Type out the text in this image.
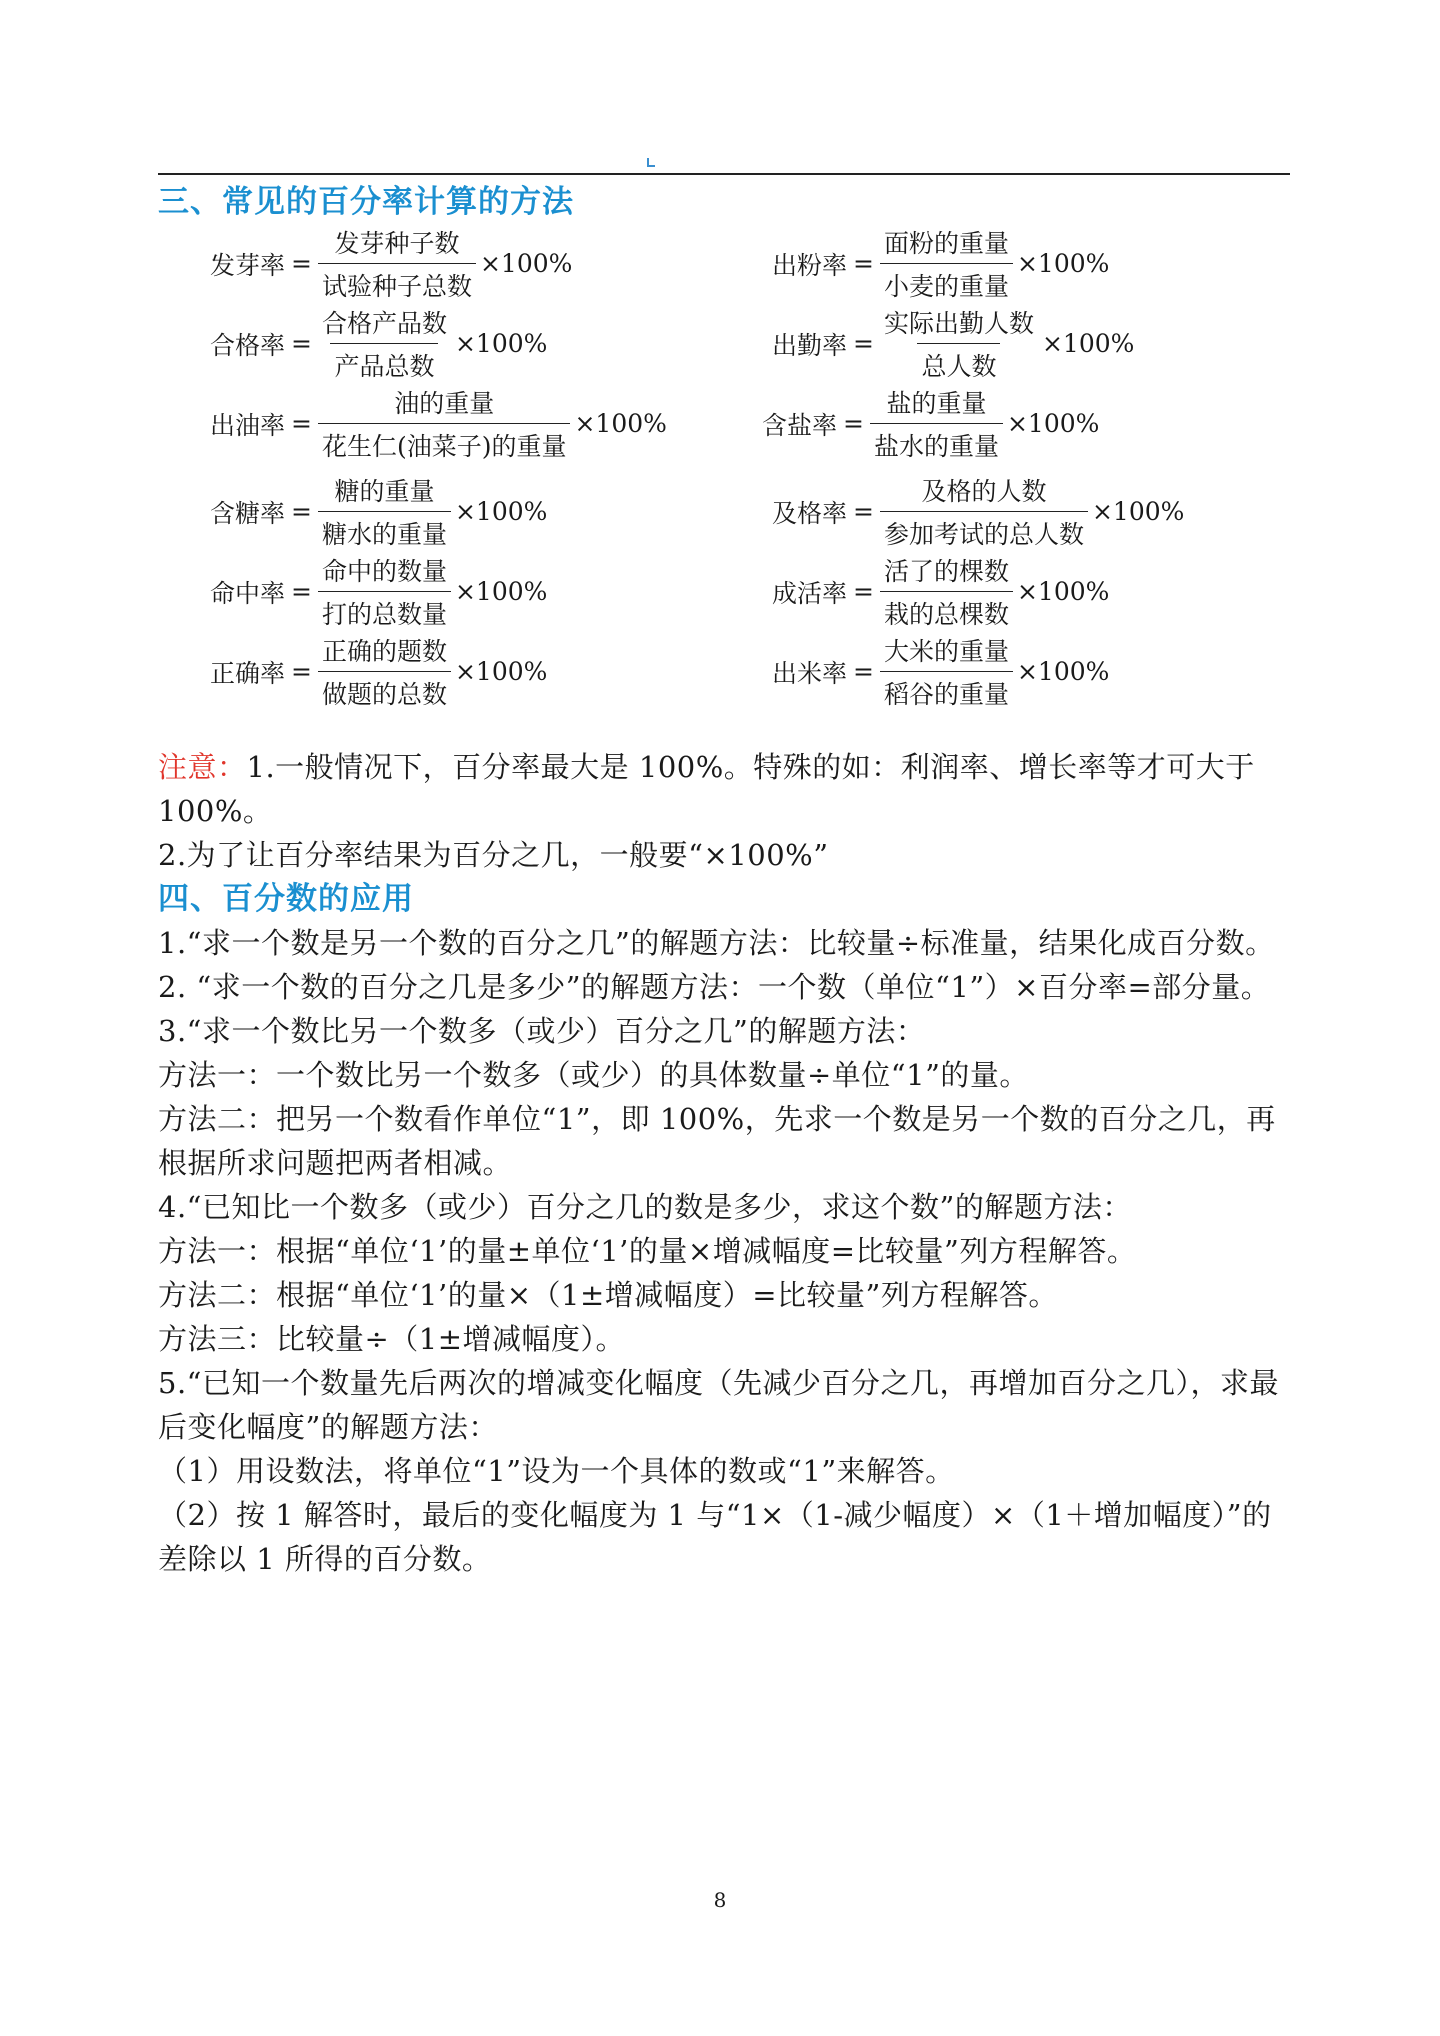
三、常见的百分率计算的方法
发芽率 = $\frac{\text{发芽种子数}}{\text{试验种子总数}} \times 100\%$	出粉率 = $\frac{\text{面粉的重量}}{\text{小麦的重量}} \times 100\%$
合格率 = $\frac{\text{合格产品数}}{\text{产品总数}} \times 100\%$	出勤率 = $\frac{\text{实际出勤人数}}{\text{总人数}} \times 100\%$
出油率 = $\frac{\text{油的重量}}{\text{花生仁(油菜子)的重量}} \times 100\%$	含盐率 = $\frac{\text{盐的重量}}{\text{盐水的重量}} \times 100\%$
含糖率 = $\frac{\text{糖的重量}}{\text{糖水的重量}} \times 100\%$	及格率 = $\frac{\text{及格的人数}}{\text{参加考试的总人数}} \times 100\%$
命中率 = $\frac{\text{命中的数量}}{\text{打的总数量}} \times 100\%$	成活率 = $\frac{\text{活了的棵数}}{\text{栽的总棵数}} \times 100\%$
正确率 = $\frac{\text{正确的题数}}{\text{做题的总数}} \times 100\%$	出米率 = $\frac{\text{大米的重量}}{\text{稻谷的重量}} \times 100\%$

注意：1.一般情况下，百分率最大是 100%。特殊的如：利润率、增长率等才可大于 100%。

2.为了让百分率结果为百分之几，一般要“×100%”

四、百分数的应用

1.“求一个数是另一个数的百分之几”的解题方法：比较量÷标准量，结果化成百分数。

2. “求一个数的百分之几是多少”的解题方法：一个数（单位“1”）×百分率=部分量。

3.“求一个数比另一个数多（或少）百分之几”的解题方法：

方法一：一个数比另一个数多（或少）的具体数量÷单位“1”的量。

方法二：把另一个数看作单位“1”，即 100%，先求一个数是另一个数的百分之几，再根据所求问题把两者相减。

4.“已知比一个数多（或少）百分之几的数是多少，求这个数”的解题方法：

方法一：根据“单位‘1’的量±单位‘1’的量×增减幅度=比较量”列方程解答。

方法二：根据“单位‘1’的量×（1±增减幅度）=比较量”列方程解答。

方法三：比较量÷（1±增减幅度）。

5.“已知一个数量先后两次的增减变化幅度（先减少百分之几，再增加百分之几），求最后变化幅度”的解题方法：

（1）用设数法，将单位“1”设为一个具体的数或“1”来解答。

（2）按 1 解答时，最后的变化幅度为 1 与“1×（1-减少幅度）×（1＋增加幅度）”的差除以 1 所得的百分数。

8
